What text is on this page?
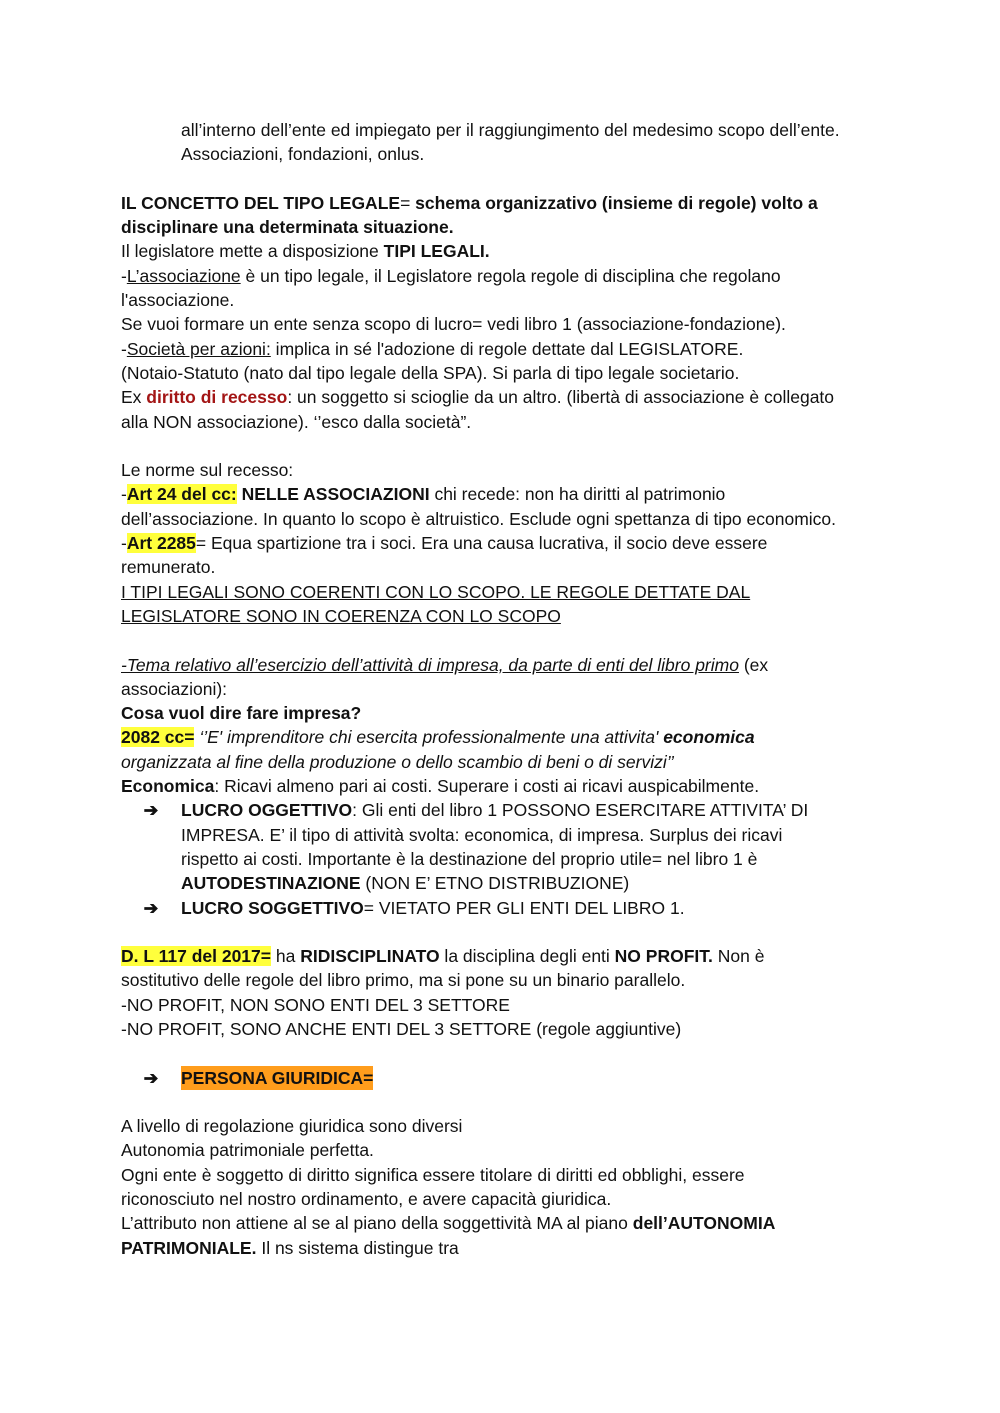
all’interno dell’ente ed impiegato per il raggiungimento del medesimo scopo dell’ente.
Associazioni, fondazioni, onlus.
IL CONCETTO DEL TIPO LEGALE= schema organizzativo (insieme di regole) volto a
disciplinare una determinata situazione.
Il legislatore mette a disposizione TIPI LEGALI.
-L’associazione è un tipo legale, il Legislatore regola regole di disciplina che regolano
l'associazione.
Se vuoi formare un ente senza scopo di lucro= vedi libro 1 (associazione-fondazione).
-Società per azioni: implica in sé l'adozione di regole dettate dal LEGISLATORE.
(Notaio-Statuto (nato dal tipo legale della SPA). Si parla di tipo legale societario.
Ex diritto di recesso: un soggetto si scioglie da un altro. (libertà di associazione è collegato
alla NON associazione). ‘’esco dalla società”.
Le norme sul recesso:
-Art 24 del cc: NELLE ASSOCIAZIONI chi recede: non ha diritti al patrimonio
dell’associazione. In quanto lo scopo è altruistico. Esclude ogni spettanza di tipo economico.
-Art 2285= Equa spartizione tra i soci. Era una causa lucrativa, il socio deve essere
remunerato.
I TIPI LEGALI SONO COERENTI CON LO SCOPO. LE REGOLE DETTATE DAL
LEGISLATORE SONO IN COERENZA CON LO SCOPO
-Tema relativo all’esercizio dell’attività di impresa, da parte di enti del libro primo (ex
associazioni):
Cosa vuol dire fare impresa?
2082 cc= ‘’E' imprenditore chi esercita professionalmente una attivita' economica
organizzata al fine della produzione o dello scambio di beni o di servizi’’
Economica: Ricavi almeno pari ai costi. Superare i costi ai ricavi auspicabilmente.
➔	LUCRO OGGETTIVO: Gli enti del libro 1 POSSONO ESERCITARE ATTIVITA’ DI
IMPRESA. E’ il tipo di attività svolta: economica, di impresa. Surplus dei ricavi
rispetto ai costi. Importante è la destinazione del proprio utile= nel libro 1 è
AUTODESTINAZIONE (NON E’ ETNO DISTRIBUZIONE)
➔	LUCRO SOGGETTIVO= VIETATO PER GLI ENTI DEL LIBRO 1.
D. L 117 del 2017= ha RIDISCIPLINATO la disciplina degli enti NO PROFIT. Non è
sostitutivo delle regole del libro primo, ma si pone su un binario parallelo.
-NO PROFIT, NON SONO ENTI DEL 3 SETTORE
-NO PROFIT, SONO ANCHE ENTI DEL 3 SETTORE (regole aggiuntive)
➔	PERSONA GIURIDICA=
A livello di regolazione giuridica sono diversi
Autonomia patrimoniale perfetta.
Ogni ente è soggetto di diritto significa essere titolare di diritti ed obblighi, essere
riconosciuto nel nostro ordinamento, e avere capacità giuridica.
L’attributo non attiene al se al piano della soggettività MA al piano dell’AUTONOMIA
PATRIMONIALE. Il ns sistema distingue tra
